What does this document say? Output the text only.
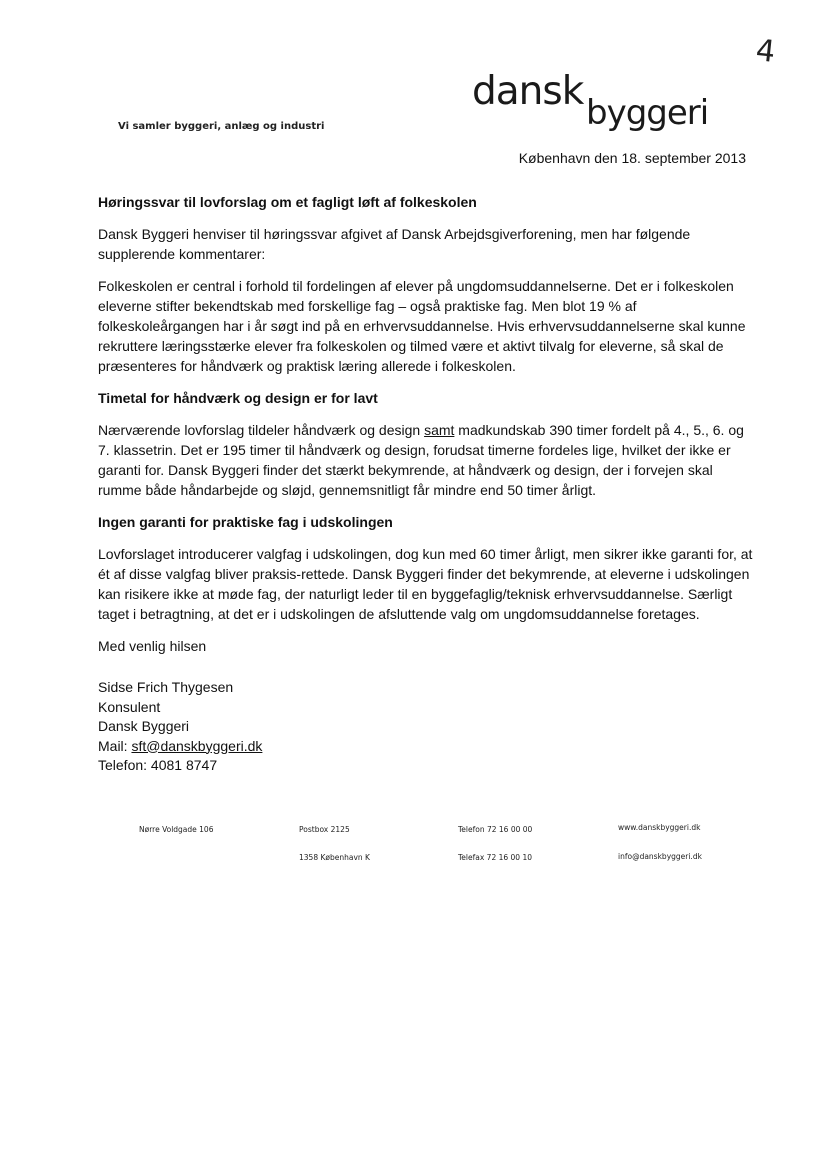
4
Vi samler byggeri, anlæg og industri
dansk byggeri
København den 18. september 2013
Høringssvar til lovforslag om et fagligt løft af folkeskolen

Dansk Byggeri henviser til høringssvar afgivet af Dansk Arbejdsgiverforening, men har følgende supplerende kommentarer:

Folkeskolen er central i forhold til fordelingen af elever på ungdomsuddannelserne. Det er i folkeskolen eleverne stifter bekendtskab med forskellige fag – også praktiske fag. Men blot 19 % af folkeskoleårgangen har i år søgt ind på en erhvervsuddannelse. Hvis erhvervsuddannelserne skal kunne rekruttere læringsstærke elever fra folkeskolen og tilmed være et aktivt tilvalg for eleverne, så skal de præsenteres for håndværk og praktisk læring allerede i folkeskolen.

Timetal for håndværk og design er for lavt

Nærværende lovforslag tildeler håndværk og design samt madkundskab 390 timer fordelt på 4., 5., 6. og 7. klassetrin. Det er 195 timer til håndværk og design, forudsat timerne fordeles lige, hvilket der ikke er garanti for. Dansk Byggeri finder det stærkt bekymrende, at håndværk og design, der i forvejen skal rumme både håndarbejde og sløjd, gennemsnitligt får mindre end 50 timer årligt.

Ingen garanti for praktiske fag i udskolingen

Lovforslaget introducerer valgfag i udskolingen, dog kun med 60 timer årligt, men sikrer ikke garanti for, at ét af disse valgfag bliver praksis-rettede. Dansk Byggeri finder det bekymrende, at eleverne i udskolingen kan risikere ikke at møde fag, der naturligt leder til en byggefaglig/teknisk erhvervsuddannelse. Særligt taget i betragtning, at det er i udskolingen de afsluttende valg om ungdomsuddannelse foretages.

Med venlig hilsen

Sidse Frich Thygesen
Konsulent
Dansk Byggeri
Mail: sft@danskbyggeri.dk
Telefon: 4081 8747
Nørre Voldgade 106	Postbox 2125
1358 København K
Telefon 72 16 00 00
Telefax 72 16 00 10
www.danskbyggeri.dk
info@danskbyggeri.dk
